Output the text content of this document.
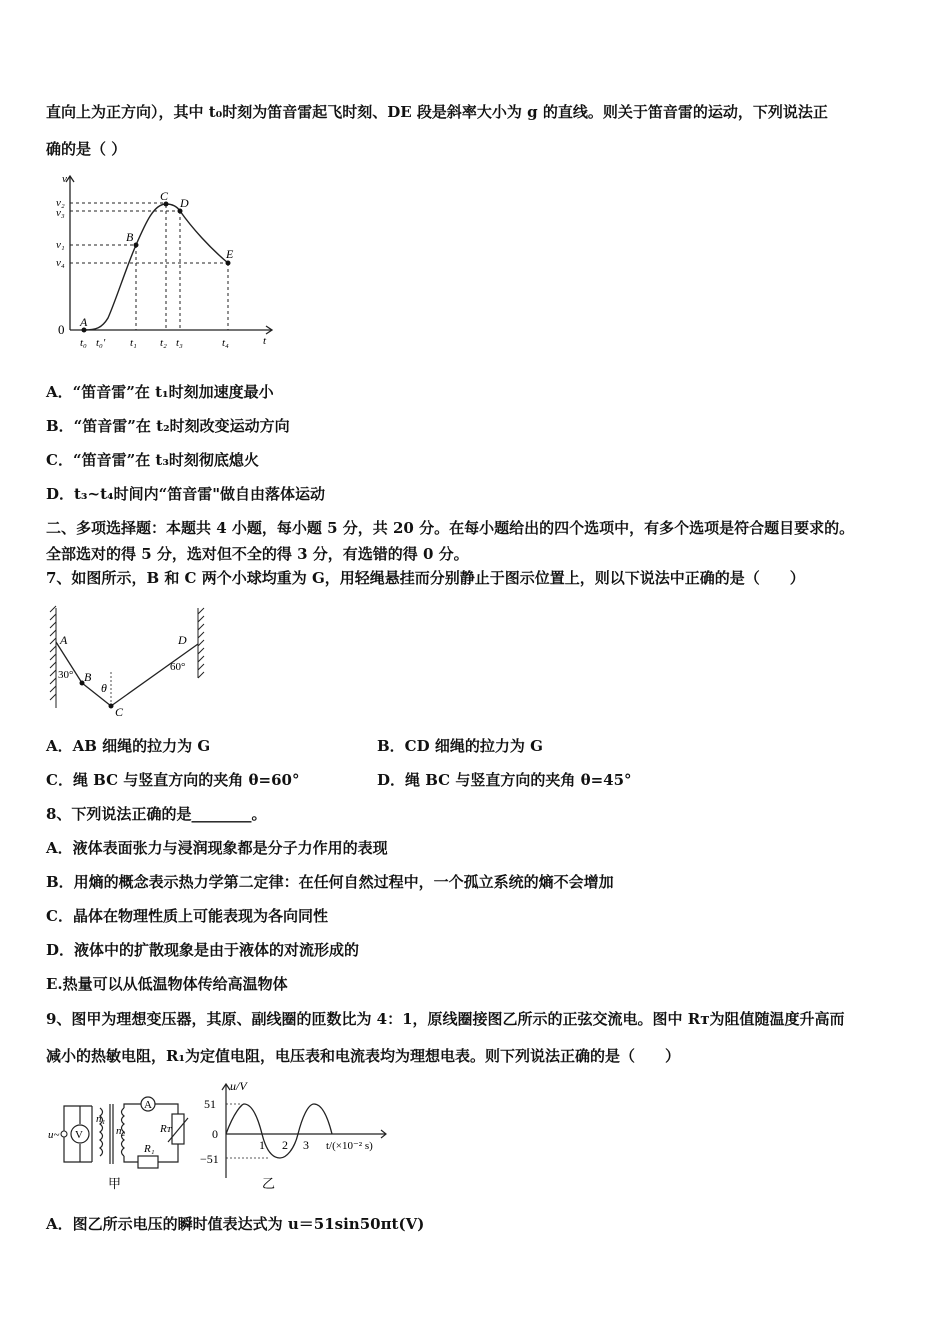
直向上为正方向），其中 t₀时刻为笛音雷起飞时刻、DE 段是斜率大小为 g 的直线。则关于笛音雷的运动，下列说法正
确的是（ ）
v
t
v₂
v₃
v₁
v₄
t₀ t₀′ t₁ t₂ t₃	t₄
A
B
C D
E
0
A．“笛音雷”在 t₁时刻加速度最小
B．“笛音雷”在 t₂时刻改变运动方向
C．“笛音雷”在 t₃时刻彻底熄火
D．t₃~t₄时间内“笛音雷"做自由落体运动
二、多项选择题：本题共 4 小题，每小题 5 分，共 20 分。在每小题给出的四个选项中，有多个选项是符合题目要求的。
全部选对的得 5 分，选对但不全的得 3 分，有选错的得 0 分。
7、如图所示，B 和 C 两个小球均重为 G，用轻绳悬挂而分别静止于图示位置上，则以下说法中正确的是（　　）
A
B
C
D
θ
30°
60°
A．AB 细绳的拉力为 G	B．CD 细绳的拉力为 G
C．绳 BC 与竖直方向的夹角 θ=60°	D．绳 BC 与竖直方向的夹角 θ=45°
8、下列说法正确的是________。
A．液体表面张力与浸润现象都是分子力作用的表现
B．用熵的概念表示热力学第二定律：在任何自然过程中，一个孤立系统的熵不会增加
C．晶体在物理性质上可能表现为各向同性
D．液体中的扩散现象是由于液体的对流形成的
E.热量可以从低温物体传给高温物体
9、图甲为理想变压器，其原、副线圈的匝数比为 4：1，原线圈接图乙所示的正弦交流电。图中 Rᴛ为阻值随温度升高而
减小的热敏电阻，R₁为定值电阻，电压表和电流表均为理想电表。则下列说法正确的是（　　）
u~ V
A
n₁
n₂
R₁
Rᴛ
甲
u/V
51
0
−51
1 2 3 t/(×10⁻² s)
乙
A．图乙所示电压的瞬时值表达式为 u＝51sin50πt(V)
